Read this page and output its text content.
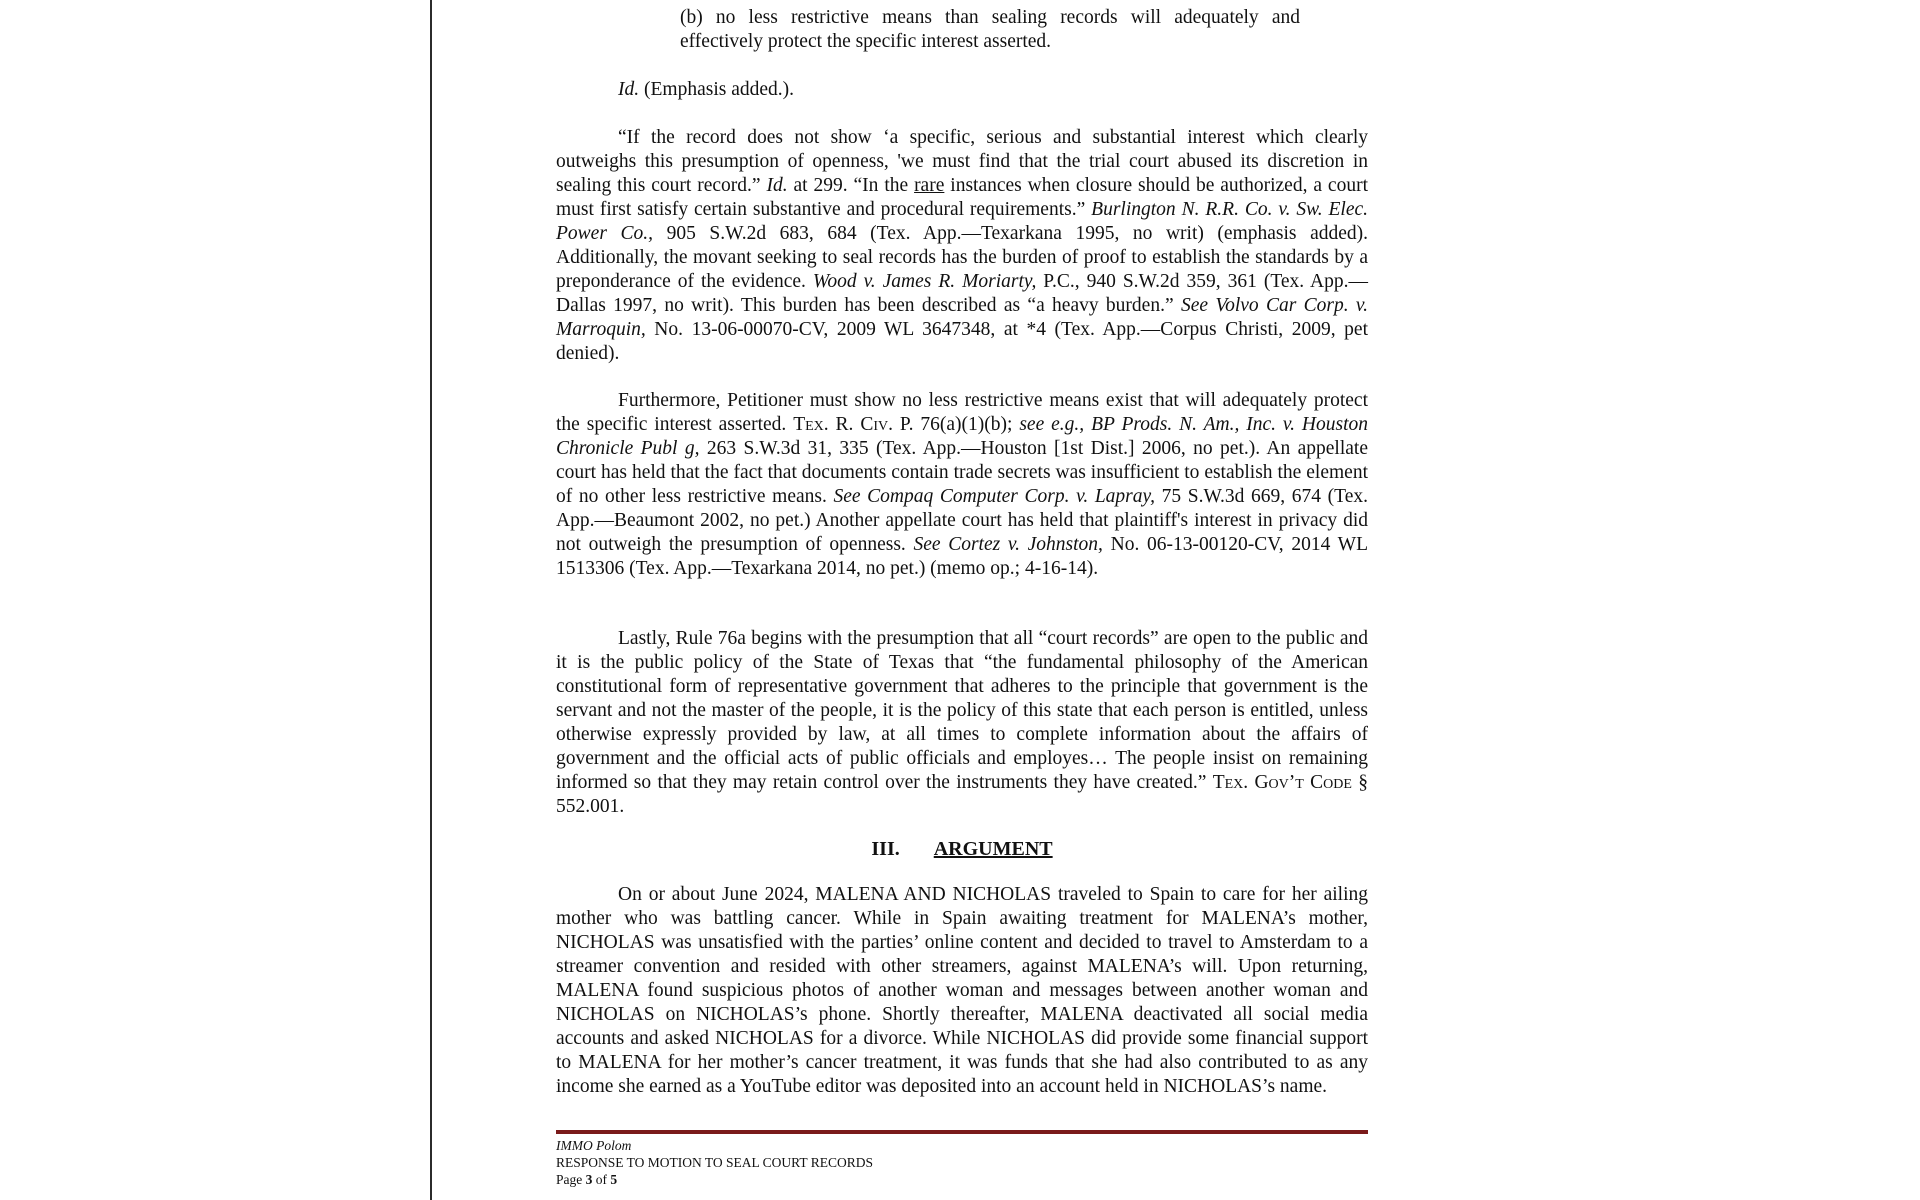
(b) no less restrictive means than sealing records will adequately and effectively protect the specific interest asserted.

Id. (Emphasis added.).

“If the record does not show ‘a specific, serious and substantial interest which clearly outweighs this presumption of openness, 'we must find that the trial court abused its discretion in sealing this court record.” Id. at 299. “In the rare instances when closure should be authorized, a court must first satisfy certain substantive and procedural requirements.” Burlington N. R.R. Co. v. Sw. Elec. Power Co., 905 S.W.2d 683, 684 (Tex. App.—Texarkana 1995, no writ) (emphasis added). Additionally, the movant seeking to seal records has the burden of proof to establish the standards by a preponderance of the evidence. Wood v. James R. Moriarty, P.C., 940 S.W.2d 359, 361 (Tex. App.—Dallas 1997, no writ). This burden has been described as “a heavy burden.” See Volvo Car Corp. v. Marroquin, No. 13-06-00070-CV, 2009 WL 3647348, at *4 (Tex. App.—Corpus Christi, 2009, pet denied).

Furthermore, Petitioner must show no less restrictive means exist that will adequately protect the specific interest asserted. Tex. R. Civ. P. 76(a)(1)(b); see e.g., BP Prods. N. Am., Inc. v. Houston Chronicle Publ g, 263 S.W.3d 31, 335 (Tex. App.—Houston [1st Dist.] 2006, no pet.). An appellate court has held that the fact that documents contain trade secrets was insufficient to establish the element of no other less restrictive means. See Compaq Computer Corp. v. Lapray, 75 S.W.3d 669, 674 (Tex. App.—Beaumont 2002, no pet.) Another appellate court has held that plaintiff's interest in privacy did not outweigh the presumption of openness. See Cortez v. Johnston, No. 06-13-00120-CV, 2014 WL 1513306 (Tex. App.—Texarkana 2014, no pet.) (memo op.; 4-16-14).

Lastly, Rule 76a begins with the presumption that all “court records” are open to the public and it is the public policy of the State of Texas that “the fundamental philosophy of the American constitutional form of representative government that adheres to the principle that government is the servant and not the master of the people, it is the policy of this state that each person is entitled, unless otherwise expressly provided by law, at all times to complete information about the affairs of government and the official acts of public officials and employes… The people insist on remaining informed so that they may retain control over the instruments they have created.” Tex. Gov’t Code § 552.001.

III. ARGUMENT

On or about June 2024, MALENA AND NICHOLAS traveled to Spain to care for her ailing mother who was battling cancer. While in Spain awaiting treatment for MALENA’s mother, NICHOLAS was unsatisfied with the parties’ online content and decided to travel to Amsterdam to a streamer convention and resided with other streamers, against MALENA’s will. Upon returning, MALENA found suspicious photos of another woman and messages between another woman and NICHOLAS on NICHOLAS’s phone. Shortly thereafter, MALENA deactivated all social media accounts and asked NICHOLAS for a divorce. While NICHOLAS did provide some financial support to MALENA for her mother’s cancer treatment, it was funds that she had also contributed to as any income she earned as a YouTube editor was deposited into an account held in NICHOLAS’s name.

IMMO Polom
RESPONSE TO MOTION TO SEAL COURT RECORDS
Page 3 of 5
